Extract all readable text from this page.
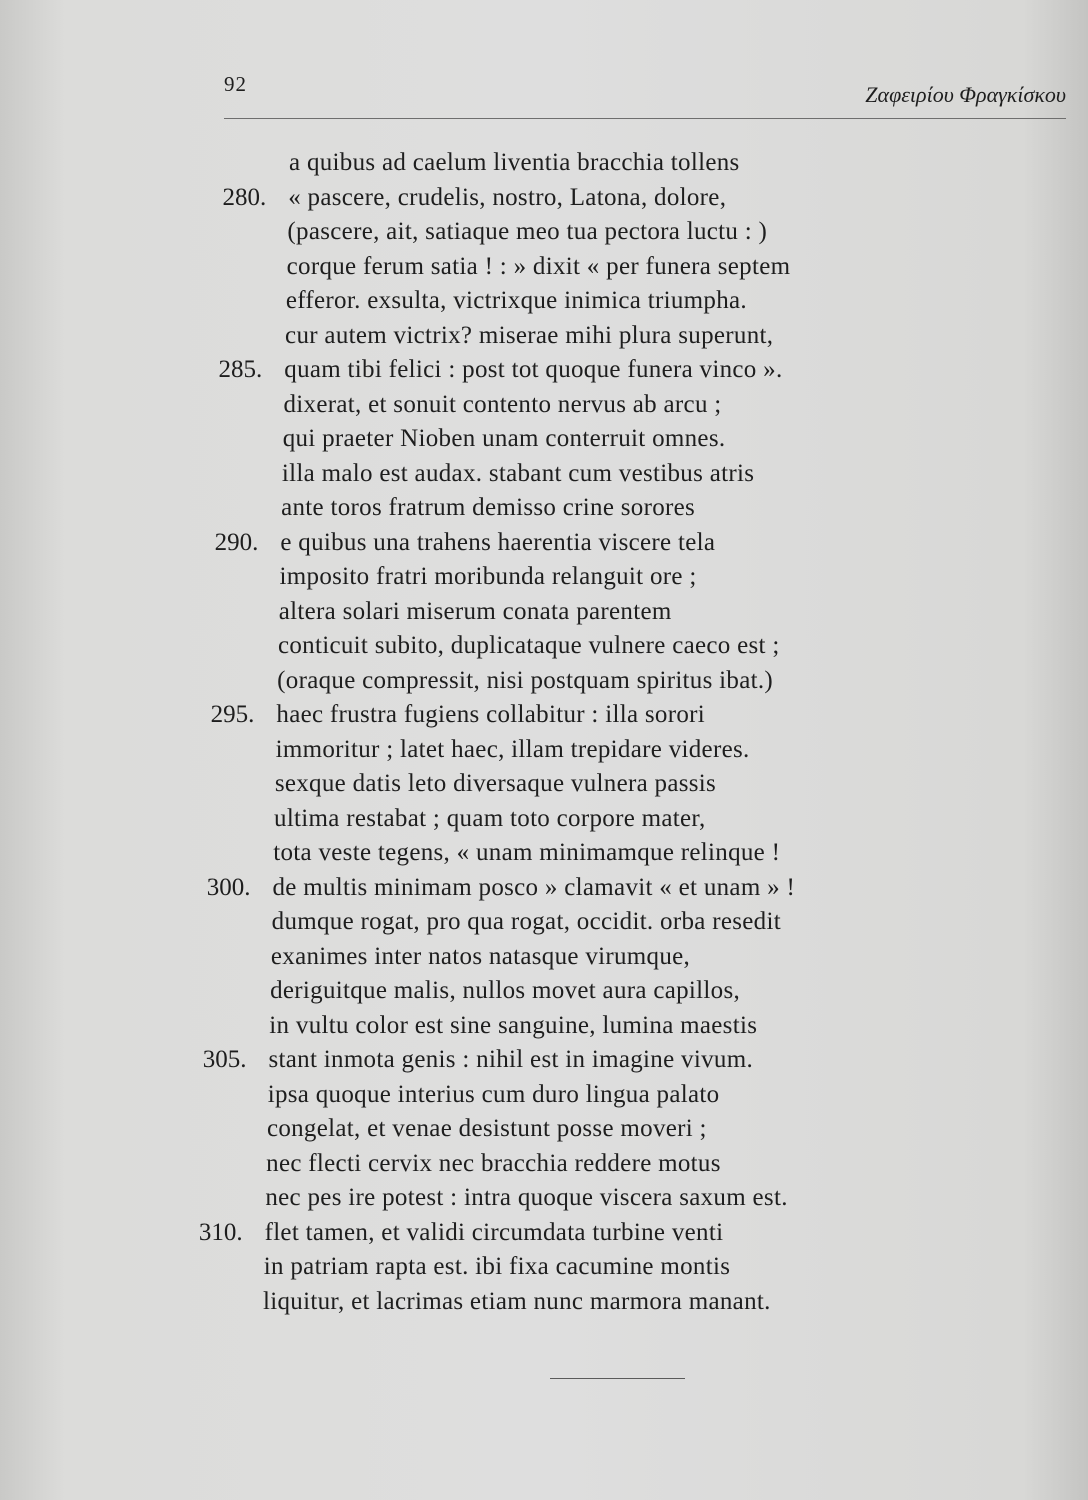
92	Ζαφειρίου Φραγκίσκου
a quibus ad caelum liventia bracchia tollens
280. « pascere, crudelis, nostro, Latona, dolore,
(pascere, ait, satiaque meo tua pectora luctu : )
corque ferum satia ! : » dixit « per funera septem
efferor. exsulta, victrixque inimica triumpha.
cur autem victrix? miserae mihi plura superunt,
285. quam tibi felici : post tot quoque funera vinco ».
dixerat, et sonuit contento nervus ab arcu ;
qui praeter Nioben unam conterruit omnes.
illa malo est audax. stabant cum vestibus atris
ante toros fratrum demisso crine sorores
290. e quibus una trahens haerentia viscere tela
imposito fratri moribunda relanguit ore ;
altera solari miserum conata parentem
conticuit subito, duplicataque vulnere caeco est ;
(oraque compressit, nisi postquam spiritus ibat.)
295. haec frustra fugiens collabitur : illa sorori
immoritur ; latet haec, illam trepidare videres.
sexque datis leto diversaque vulnera passis
ultima restabat ; quam toto corpore mater,
tota veste tegens, « unam minimamque relinque !
300. de multis minimam posco » clamavit « et unam » !
dumque rogat, pro qua rogat, occidit. orba resedit
exanimes inter natos natasque virumque,
deriguitque malis, nullos movet aura capillos,
in vultu color est sine sanguine, lumina maestis
305. stant inmota genis : nihil est in imagine vivum.
ipsa quoque interius cum duro lingua palato
congelat, et venae desistunt posse moveri ;
nec flecti cervix nec bracchia reddere motus
nec pes ire potest : intra quoque viscera saxum est.
310. flet tamen, et validi circumdata turbine venti
in patriam rapta est. ibi fixa cacumine montis
liquitur, et lacrimas etiam nunc marmora manant.
